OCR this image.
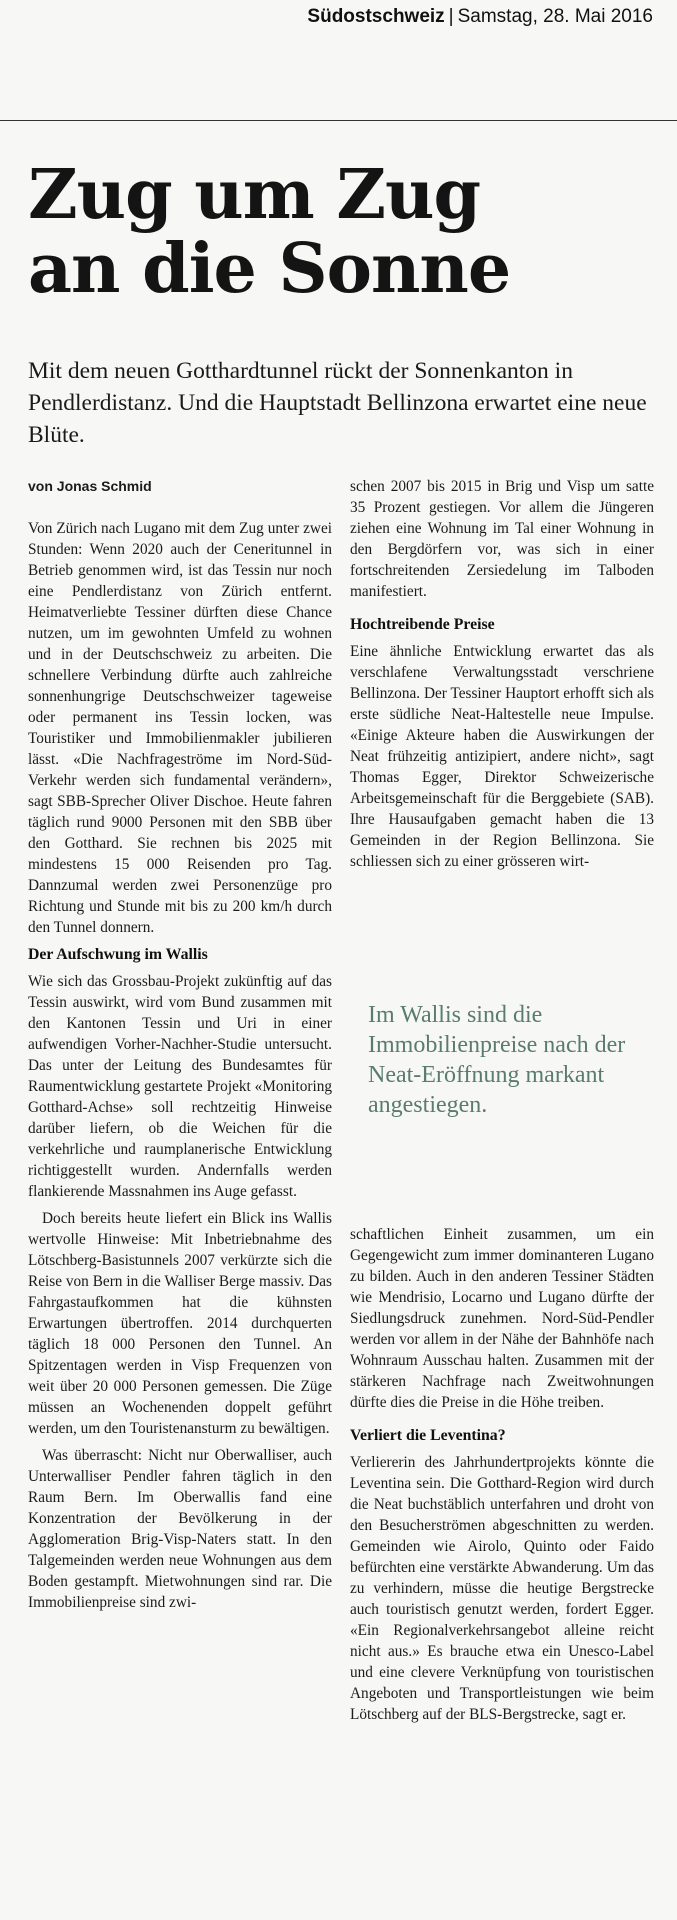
Südostschweiz | Samstag, 28. Mai 2016
Zug um Zug
an die Sonne

Mit dem neuen Gotthardtunnel rückt der Sonnenkanton in Pendlerdistanz. Und die Hauptstadt Bellinzona erwartet eine neue Blüte.

von Jonas Schmid

Von Zürich nach Lugano mit dem Zug unter zwei Stunden: Wenn 2020 auch der Ceneritunnel in Betrieb genommen wird, ist das Tessin nur noch eine Pendlerdistanz von Zürich entfernt. Heimatverliebte Tessiner dürften diese Chance nutzen, um im gewohnten Umfeld zu wohnen und in der Deutschschweiz zu arbeiten. Die schnellere Verbindung dürfte auch zahlreiche sonnenhungrige Deutschschweizer tageweise oder permanent ins Tessin locken, was Touristiker und Immobilienmakler jubilieren lässt. «Die Nachfrageströme im Nord-Süd-Verkehr werden sich fundamental verändern», sagt SBB-Sprecher Oliver Dischoe. Heute fahren täglich rund 9000 Personen mit den SBB über den Gotthard. Sie rechnen bis 2025 mit mindestens 15 000 Reisenden pro Tag. Dannzumal werden zwei Personenzüge pro Richtung und Stunde mit bis zu 200 km/h durch den Tunnel donnern.

Der Aufschwung im Wallis

Wie sich das Grossbau-Projekt zukünftig auf das Tessin auswirkt, wird vom Bund zusammen mit den Kantonen Tessin und Uri in einer aufwendigen Vorher-Nachher-Studie untersucht. Das unter der Leitung des Bundesamtes für Raumentwicklung gestartete Projekt «Monitoring Gotthard-Achse» soll rechtzeitig Hinweise darüber liefern, ob die Weichen für die verkehrliche und raumplanerische Entwicklung richtiggestellt wurden. Andernfalls werden flankierende Massnahmen ins Auge gefasst.

Doch bereits heute liefert ein Blick ins Wallis wertvolle Hinweise: Mit Inbetriebnahme des Lötschberg-Basistunnels 2007 verkürzte sich die Reise von Bern in die Walliser Berge massiv. Das Fahrgastaufkommen hat die kühnsten Erwartungen übertroffen. 2014 durchquerten täglich 18 000 Personen den Tunnel. An Spitzentagen werden in Visp Frequenzen von weit über 20 000 Personen gemessen. Die Züge müssen an Wochenenden doppelt geführt werden, um den Touristenansturm zu bewältigen.

Was überrascht: Nicht nur Oberwalliser, auch Unterwalliser Pendler fahren täglich in den Raum Bern. Im Oberwallis fand eine Konzentration der Bevölkerung in der Agglomeration Brig-Visp-Naters statt. In den Talgemeinden werden neue Wohnungen aus dem Boden gestampft. Mietwohnungen sind rar. Die Immobilienpreise sind zwi-

schen 2007 bis 2015 in Brig und Visp um satte 35 Prozent gestiegen. Vor allem die Jüngeren ziehen eine Wohnung im Tal einer Wohnung in den Bergdörfern vor, was sich in einer fortschreitenden Zersiedelung im Talboden manifestiert.

Hochtreibende Preise

Eine ähnliche Entwicklung erwartet das als verschlafene Verwaltungsstadt verschriene Bellinzona. Der Tessiner Hauptort erhofft sich als erste südliche Neat-Haltestelle neue Impulse. «Einige Akteure haben die Auswirkungen der Neat frühzeitig antizipiert, andere nicht», sagt Thomas Egger, Direktor Schweizerische Arbeitsgemeinschaft für die Berggebiete (SAB). Ihre Hausaufgaben gemacht haben die 13 Gemeinden in der Region Bellinzona. Sie schliessen sich zu einer grösseren wirt-

Im Wallis sind die Immobilienpreise nach der Neat-Eröffnung markant angestiegen.

schaftlichen Einheit zusammen, um ein Gegengewicht zum immer dominanteren Lugano zu bilden. Auch in den anderen Tessiner Städten wie Mendrisio, Locarno und Lugano dürfte der Siedlungsdruck zunehmen. Nord-Süd-Pendler werden vor allem in der Nähe der Bahnhöfe nach Wohnraum Ausschau halten. Zusammen mit der stärkeren Nachfrage nach Zweitwohnungen dürfte dies die Preise in die Höhe treiben.

Verliert die Leventina?

Verliererin des Jahrhundertprojekts könnte die Leventina sein. Die Gotthard-Region wird durch die Neat buchstäblich unterfahren und droht von den Besucherströmen abgeschnitten zu werden. Gemeinden wie Airolo, Quinto oder Faido befürchten eine verstärkte Abwanderung. Um das zu verhindern, müsse die heutige Bergstrecke auch touristisch genutzt werden, fordert Egger. «Ein Regionalverkehrsangebot alleine reicht nicht aus.» Es brauche etwa ein Unesco-Label und eine clevere Verknüpfung von touristischen Angeboten und Transportleistungen wie beim Lötschberg auf der BLS-Bergstrecke, sagt er.
